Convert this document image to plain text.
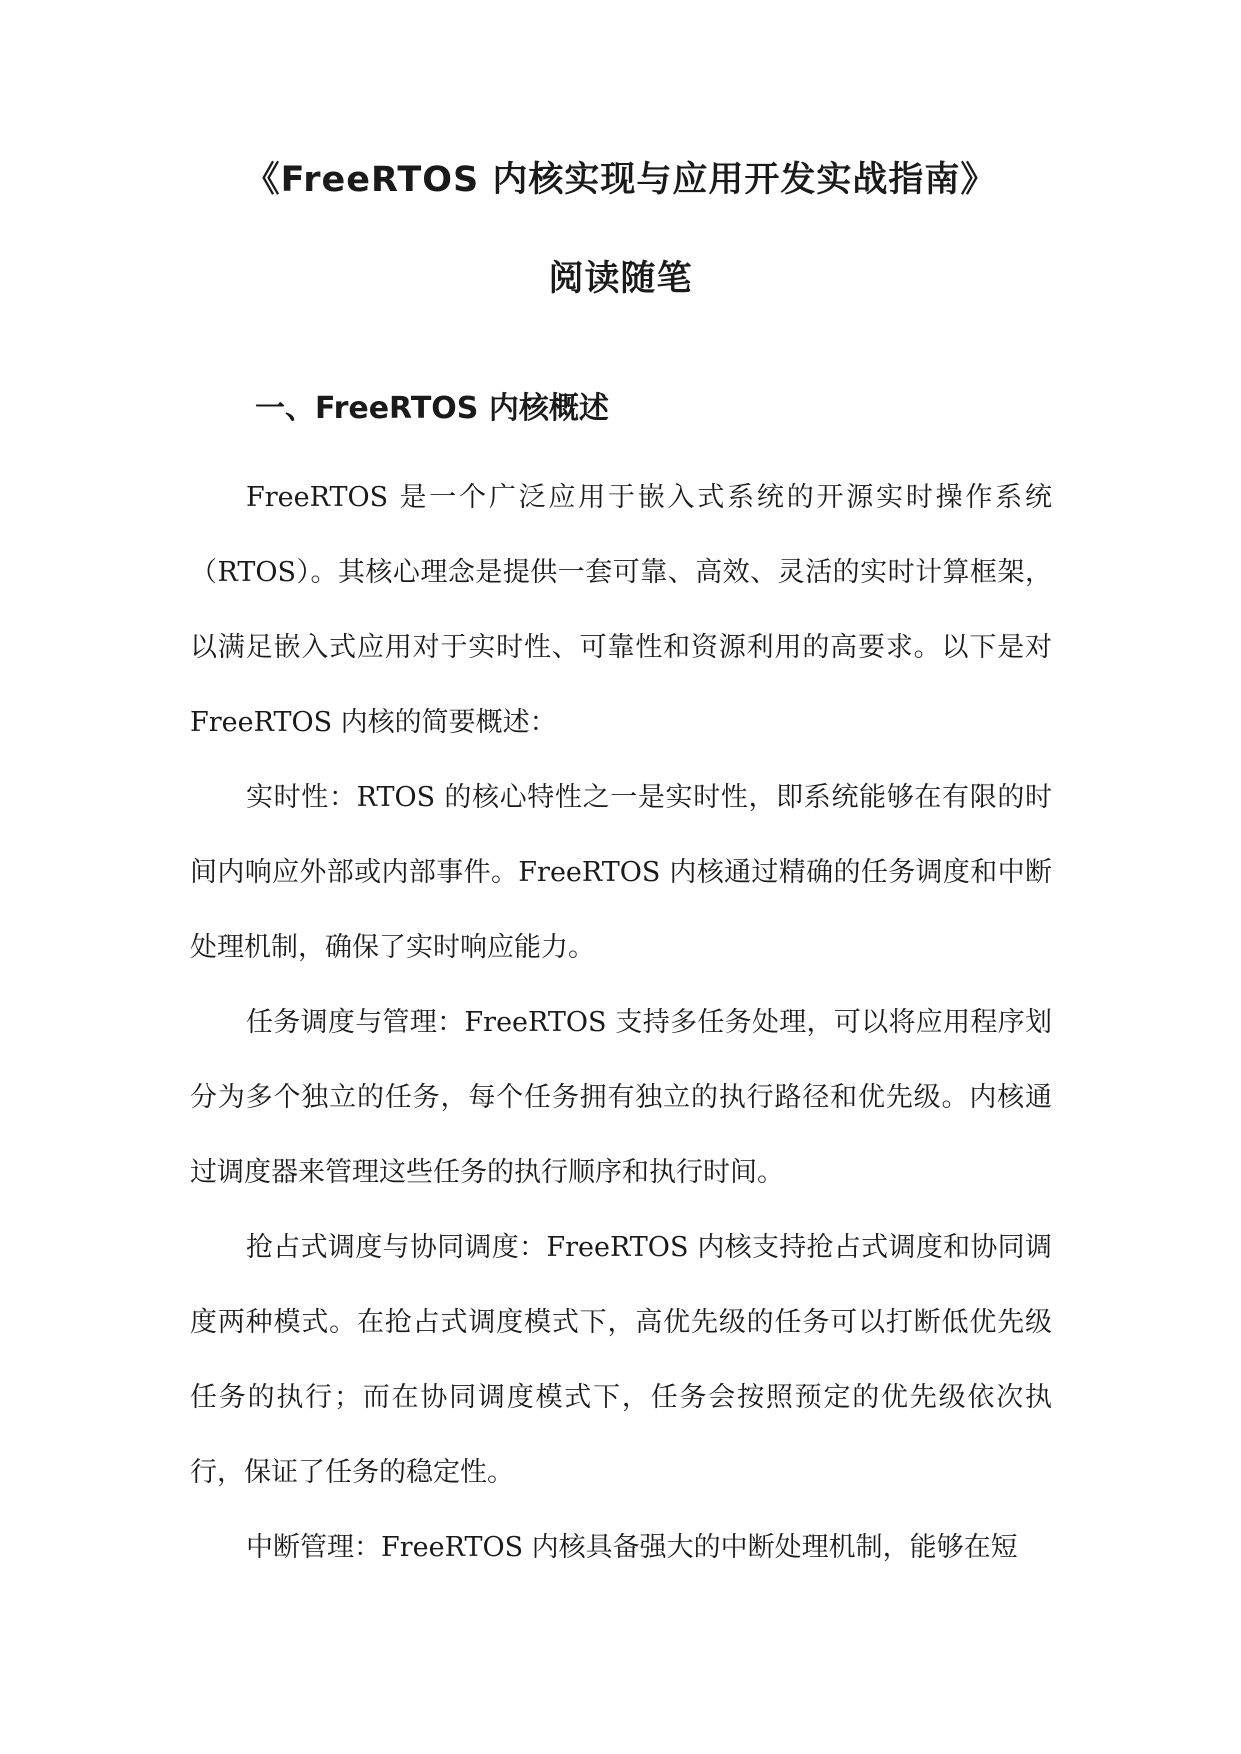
《FreeRTOS 内核实现与应用开发实战指南》
阅读随笔
一、FreeRTOS 内核概述

FreeRTOS 是一个广泛应用于嵌入式系统的开源实时操作系统（RTOS）。其核心理念是提供一套可靠、高效、灵活的实时计算框架，以满足嵌入式应用对于实时性、可靠性和资源利用的高要求。以下是对 FreeRTOS 内核的简要概述：

实时性：RTOS 的核心特性之一是实时性，即系统能够在有限的时间内响应外部或内部事件。FreeRTOS 内核通过精确的任务调度和中断处理机制，确保了实时响应能力。

任务调度与管理：FreeRTOS 支持多任务处理，可以将应用程序划分为多个独立的任务，每个任务拥有独立的执行路径和优先级。内核通过调度器来管理这些任务的执行顺序和执行时间。

抢占式调度与协同调度：FreeRTOS 内核支持抢占式调度和协同调度两种模式。在抢占式调度模式下，高优先级的任务可以打断低优先级任务的执行；而在协同调度模式下，任务会按照预定的优先级依次执行，保证了任务的稳定性。

中断管理：FreeRTOS 内核具备强大的中断处理机制，能够在短
